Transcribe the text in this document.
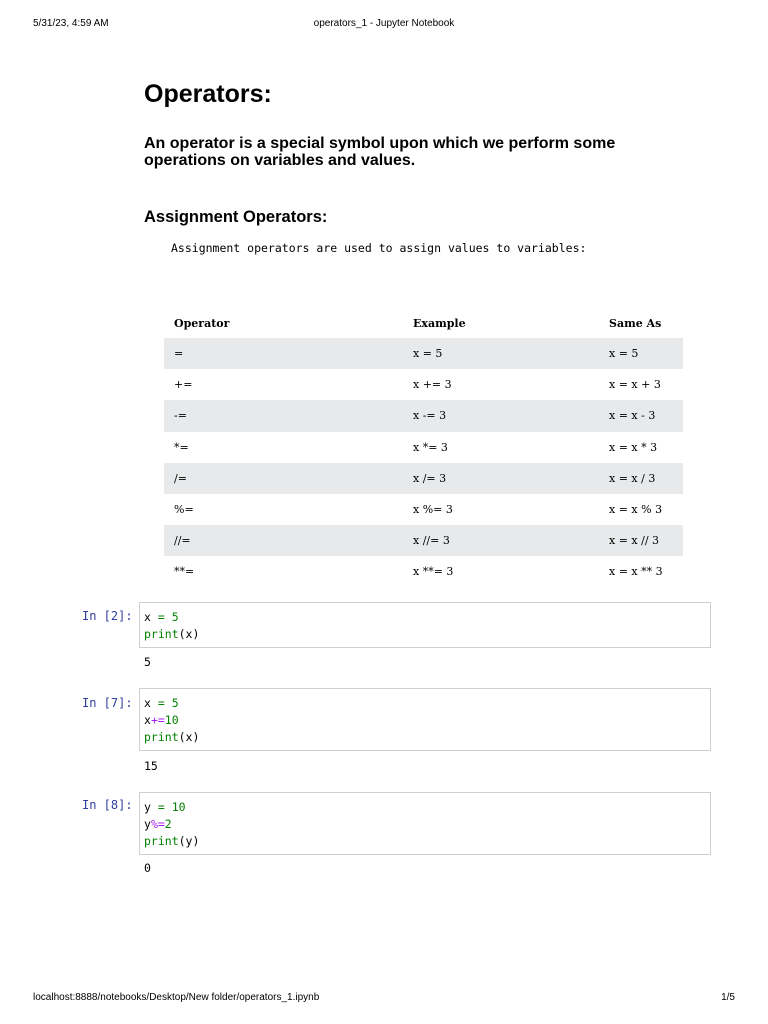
5/31/23, 4:59 AM	operators_1 - Jupyter Notebook
Operators:

An operator is a special symbol upon which we perform some operations on variables and values.

Assignment Operators:

Assignment operators are used to assign values to variables:

Operator	Example	Same As
=	x = 5	x = 5
+=	x += 3	x = x + 3
-=	x -= 3	x = x - 3
*=	x *= 3	x = x * 3
/=	x /= 3	x = x / 3
%=	x %= 3	x = x % 3
//=	x //= 3	x = x // 3
**=	x **= 3	x = x ** 3
In [2]: x = 5
print(x)
5
In [7]: x = 5
x+=10
print(x)
15
In [8]: y = 10
y%=2
print(y)
0
localhost:8888/notebooks/Desktop/New folder/operators_1.ipynb	1/5
